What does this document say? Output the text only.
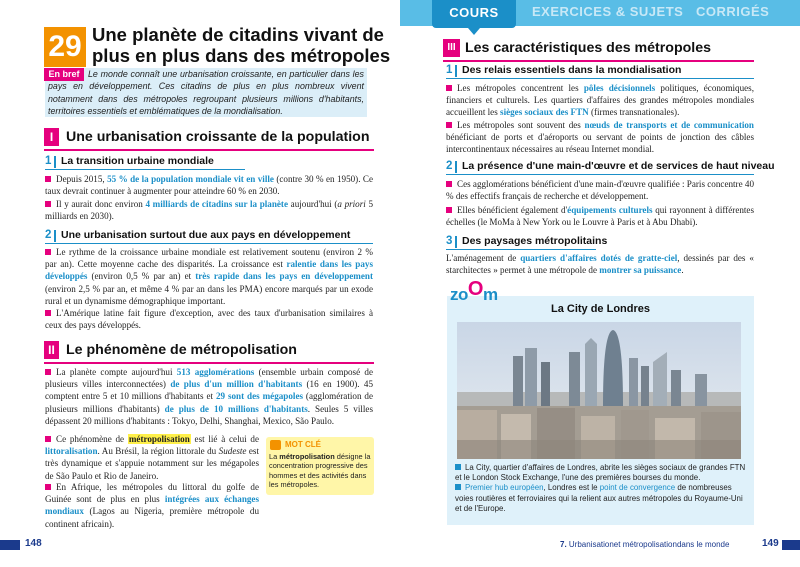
COURS	EXERCICES & SUJETS CORRIGÉS
29 Une planète de citadins vivant de plus en plus dans des métropoles
Le monde connaît une urbanisation croissante, en particulier dans les pays en développement. Ces citadins de plus en plus nombreux vivent notamment dans des métropoles regroupant plusieurs millions d'habitants, territoires essentiels et emblématiques de la mondialisation.
En bref
I Une urbanisation croissante de la population
1 La transition urbaine mondiale
Depuis 2015, 55 % de la population mondiale vit en ville (contre 30 % en 1950). Ce taux devrait continuer à augmenter pour atteindre 60 % en 2030.
Il y aurait donc environ 4 milliards de citadins sur la planète aujourd'hui (a priori 5 milliards en 2030).
2 Une urbanisation surtout due aux pays en développement
Le rythme de la croissance urbaine mondiale est relativement soutenu (environ 2 % par an). Cette moyenne cache des disparités. La croissance est ralentie dans les pays développés (environ 0,5 % par an) et très rapide dans les pays en développement (environ 2,5 % par an, et même 4 % par an dans les PMA) encore marqués par un exode rural et un dynamisme démographique important.
L'Amérique latine fait figure d'exception, avec des taux d'urbanisation similaires à ceux des pays développés.
II Le phénomène de métropolisation
La planète compte aujourd'hui 513 agglomérations (ensemble urbain composé de plusieurs villes interconnectées) de plus d'un million d'habitants (16 en 1900). 45 comptent entre 5 et 10 millions d'habitants et 29 sont des mégapoles (agglomération de plusieurs millions d'habitants) de plus de 10 millions d'habitants. Seules 5 villes dépassent 20 millions d'habitants : Tokyo, Delhi, Shanghai, Mexico, São Paulo.
Ce phénomène de métropolisation est lié à celui de littoralisation. Au Brésil, la région littorale du Sudeste est très dynamique et s'appuie notamment sur les mégapoles de São Paulo et Rio de Janeiro.
En Afrique, les métropoles du littoral du golfe de Guinée sont de plus en plus intégrées aux échanges mondiaux (Lagos au Nigeria, première métropole du continent africain).
MOT CLÉ
La métropolisation désigne la concentration progressive des hommes et des activités dans les métropoles.
III Les caractéristiques des métropoles
1 Des relais essentiels dans la mondialisation
Les métropoles concentrent les pôles décisionnels politiques, économiques, financiers et culturels. Les quartiers d'affaires des grandes métropoles mondiales accueillent les sièges sociaux des FTN (firmes transnationales).
Les métropoles sont souvent des nœuds de transports et de communication bénéficiant de ports et d'aéroports ou servant de points de jonction des câbles intercontinentaux nécessaires au réseau Internet mondial.
2 La présence d'une main-d'œuvre et de services de haut niveau
Ces agglomérations bénéficient d'une main-d'œuvre qualifiée : Paris concentre 40 % des effectifs français de recherche et développement.
Elles bénéficient également d'équipements culturels qui rayonnent à différentes échelles (le MoMa à New York ou le Louvre à Paris et à Abu Dhabi).
3 Des paysages métropolitains
L'aménagement de quartiers d'affaires dotés de gratte-ciel, dessinés par des « starchitectes » permet à une métropole de montrer sa puissance.
zoOm
La City de Londres
La City, quartier d'affaires de Londres, abrite les sièges sociaux de grandes FTN et le London Stock Exchange, l'une des premières bourses du monde.
Premier hub européen, Londres est le point de convergence de nombreuses voies routières et ferroviaires qui la relient aux autres métropoles du Royaume-Uni et de l'Europe.
148	7. Urbanisationet métropolisationdans le monde	149
